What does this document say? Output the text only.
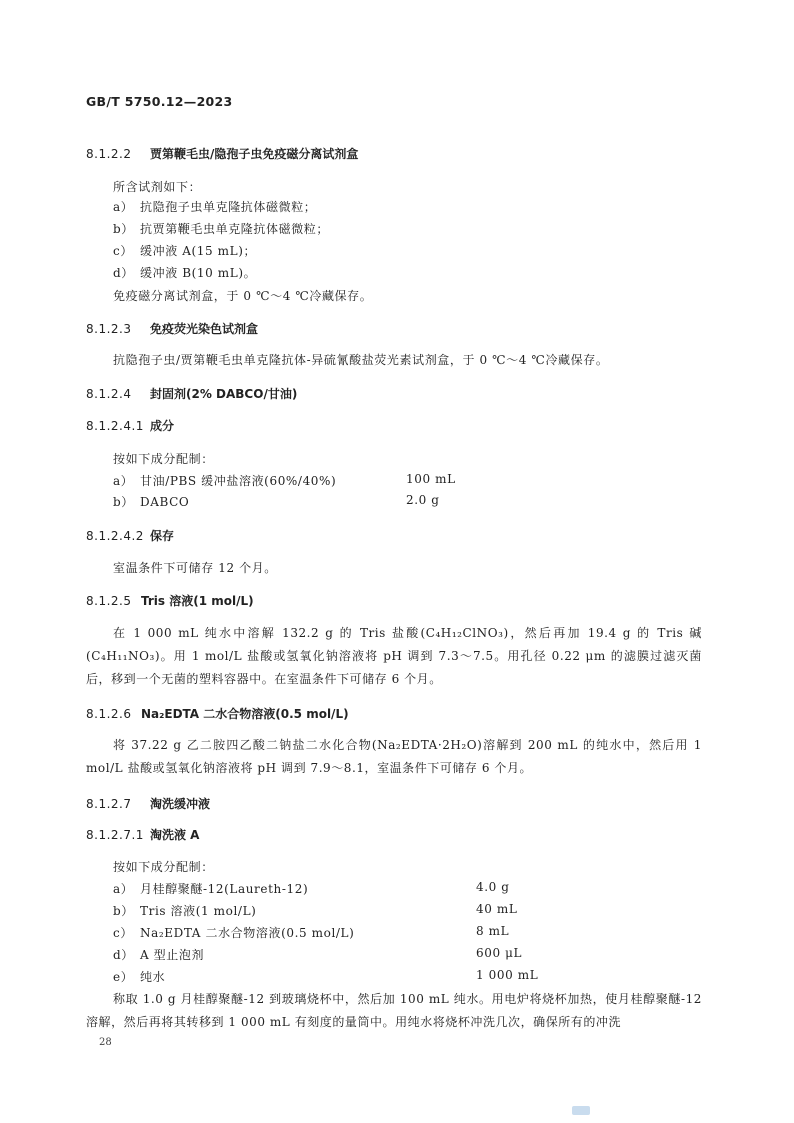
GB/T 5750.12—2023
8.1.2.2 贾第鞭毛虫/隐孢子虫免疫磁分离试剂盒
所含试剂如下：
a） 抗隐孢子虫单克隆抗体磁微粒；
b） 抗贾第鞭毛虫单克隆抗体磁微粒；
c） 缓冲液 A(15 mL)；
d） 缓冲液 B(10 mL)。
免疫磁分离试剂盒，于 0 ℃～4 ℃冷藏保存。
8.1.2.3 免疫荧光染色试剂盒
抗隐孢子虫/贾第鞭毛虫单克隆抗体-异硫氰酸盐荧光素试剂盒，于 0 ℃～4 ℃冷藏保存。
8.1.2.4 封固剂(2% DABCO/甘油)
8.1.2.4.1 成分
按如下成分配制：
a） 甘油/PBS 缓冲盐溶液(60%/40%)	100 mL
b） DABCO	2.0 g
8.1.2.4.2 保存
室温条件下可储存 12 个月。
8.1.2.5 Tris 溶液(1 mol/L)
在 1 000 mL 纯水中溶解 132.2 g 的 Tris 盐酸(C₄H₁₂ClNO₃)，然后再加 19.4 g 的 Tris 碱(C₄H₁₁NO₃)。用 1 mol/L 盐酸或氢氧化钠溶液将 pH 调到 7.3～7.5。用孔径 0.22 μm 的滤膜过滤灭菌后，移到一个无菌的塑料容器中。在室温条件下可储存 6 个月。
8.1.2.6 Na₂EDTA 二水合物溶液(0.5 mol/L)
将 37.22 g 乙二胺四乙酸二钠盐二水化合物(Na₂EDTA·2H₂O)溶解到 200 mL 的纯水中，然后用 1 mol/L 盐酸或氢氧化钠溶液将 pH 调到 7.9～8.1，室温条件下可储存 6 个月。
8.1.2.7 淘洗缓冲液
8.1.2.7.1 淘洗液 A
按如下成分配制：
a） 月桂醇聚醚-12(Laureth-12)	4.0 g
b） Tris 溶液(1 mol/L)	40 mL
c） Na₂EDTA 二水合物溶液(0.5 mol/L)	8 mL
d） A 型止泡剂	600 μL
e） 纯水	1 000 mL
称取 1.0 g 月桂醇聚醚-12 到玻璃烧杯中，然后加 100 mL 纯水。用电炉将烧杯加热，使月桂醇聚醚-12 溶解，然后再将其转移到 1 000 mL 有刻度的量筒中。用纯水将烧杯冲洗几次，确保所有的冲洗
28
